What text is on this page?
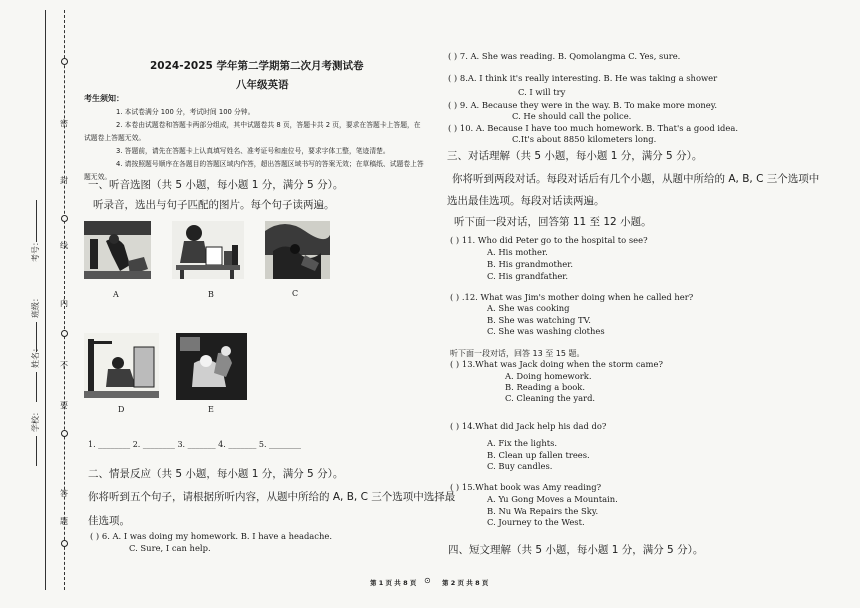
密
封
线
内
不
要
答
题
考号：
班级：
姓名：
学校：
2024-2025 学年第二学期第二次月考测试卷
八年级英语
考生须知：
1. 本试卷满分 100 分，考试时间 100 分钟。
2. 本卷由试题卷和答题卡两部分组成，其中试题卷共 8 页，答题卡共 2 页，要求在答题卡上答题，在
试题卷上答题无效。
3. 答题前，请先在答题卡上认真填写姓名、准考证号和座位号，要求字体工整，笔迹清楚。
4. 请按照题号顺序在各题目的答题区域内作答，超出答题区域书写的答案无效；在草稿纸、试题卷上答
题无效。
一、听音选图（共 5 小题，每小题 1 分，满分 5 分）。
听录音，选出与句子匹配的图片。每个句子读两遍。
A	B	C
D	E
1. ________ 2. ________ 3. _______ 4. _______ 5. ________
二、情景反应（共 5 小题，每小题 1 分，满分 5 分）。
你将听到五个句子，请根据所听内容，从题中所给的 A, B, C 三个选项中选择最
佳选项。
( ) 6. A. I was doing my homework. B. I have a headache.
C. Sure, I can help.
( ) 7. A. She was reading. B. Qomolangma C. Yes, sure.
( ) 8.A. I think it's really interesting. B. He was taking a shower
C. I will try
( ) 9. A. Because they were in the way. B. To make more money.
C. He should call the police.
( ) 10. A. Because I have too much homework. B. That's a good idea.
C.It's about 8850 kilometers long.
三、对话理解（共 5 小题，每小题 1 分，满分 5 分）。
你将听到两段对话。每段对话后有几个小题，从题中所给的 A, B, C 三个选项中
选出最佳选项。每段对话读两遍。
听下面一段对话，回答第 11 至 12 小题。
( ) 11. Who did Peter go to the hospital to see?
A. His mother.
B. His grandmother.
C. His grandfather.
( ) .12. What was Jim's mother doing when he called her?
A. She was cooking
B. She was watching TV.
C. She was washing clothes
听下面一段对话，回答 13 至 15 题。
( ) 13.What was Jack doing when the storm came?
A. Doing homework.
B. Reading a book.
C. Cleaning the yard.
( ) 14.What did Jack help his dad do?
A. Fix the lights.
B. Clean up fallen trees.
C. Buy candles.
( ) 15.What book was Amy reading?
A. Yu Gong Moves a Mountain.
B. Nu Wa Repairs the Sky.
C. Journey to the West.
四、短文理解（共 5 小题，每小题 1 分，满分 5 分）。
第 1 页 共 8 页 ⊙ 第 2 页 共 8 页
